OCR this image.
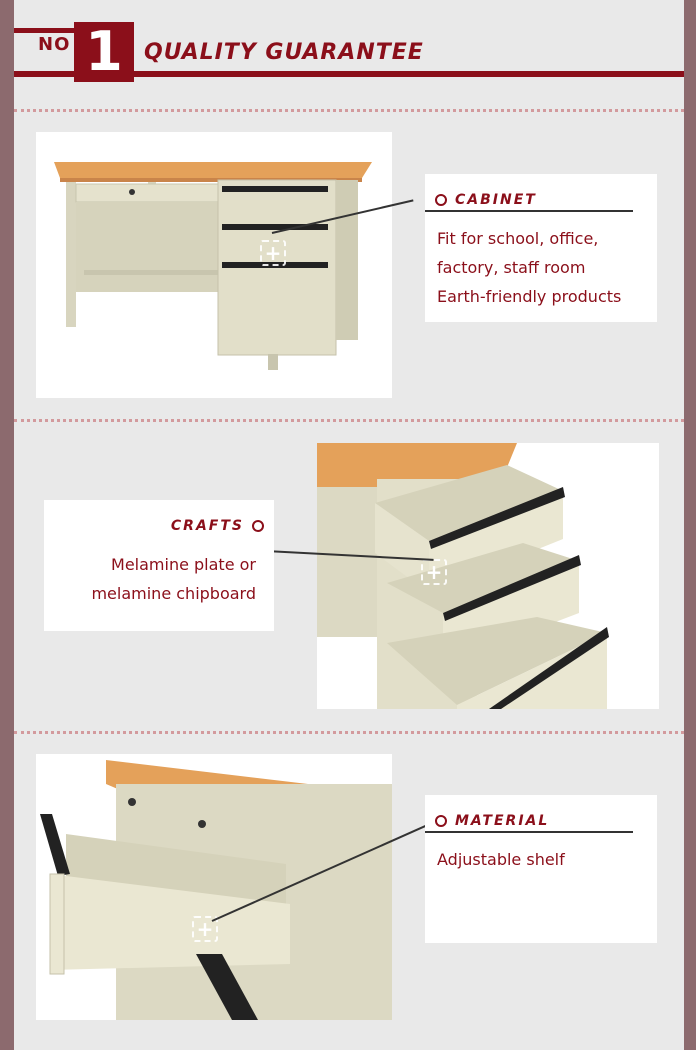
NO 1 QUALITY GUARANTEE
+
CABINET
Fit for school, office,
factory, staff room
Earth-friendly products
+
CRAFTS
Melamine plate or
melamine chipboard
+
MATERIAL
Adjustable shelf
